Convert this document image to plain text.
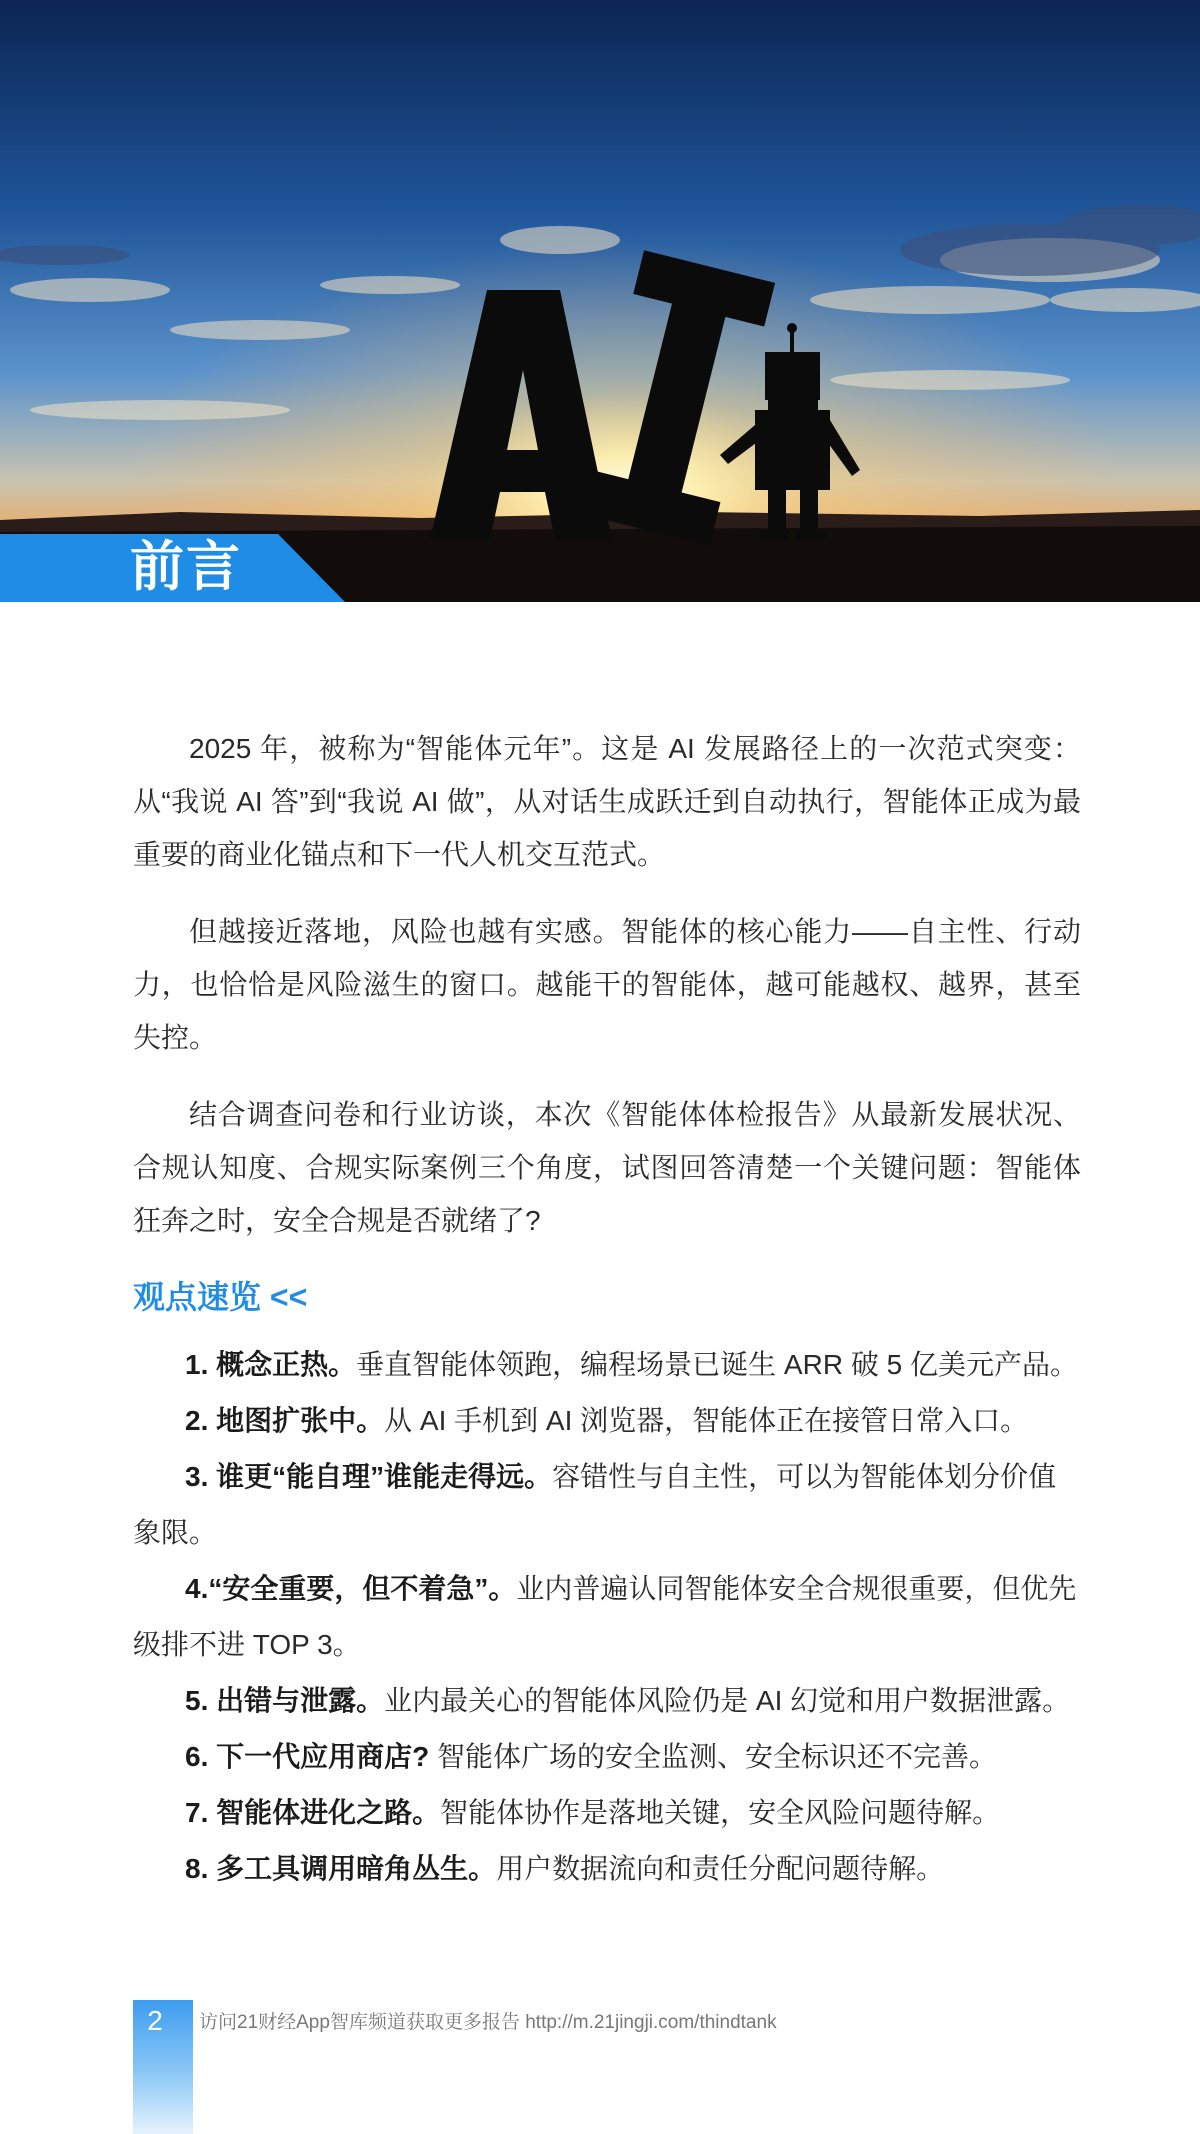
前言

2025 年，被称为“智能体元年”。这是 AI 发展路径上的一次范式突变：从“我说 AI 答”到“我说 AI 做”，从对话生成跃迁到自动执行，智能体正成为最重要的商业化锚点和下一代人机交互范式。

但越接近落地，风险也越有实感。智能体的核心能力——自主性、行动力，也恰恰是风险滋生的窗口。越能干的智能体，越可能越权、越界，甚至失控。

结合调查问卷和行业访谈，本次《智能体体检报告》从最新发展状况、合规认知度、合规实际案例三个角度，试图回答清楚一个关键问题：智能体狂奔之时，安全合规是否就绪了?

观点速览 <<

1. 概念正热。垂直智能体领跑，编程场景已诞生 ARR 破 5 亿美元产品。

2. 地图扩张中。从 AI 手机到 AI 浏览器，智能体正在接管日常入口。

3. 谁更“能自理”谁能走得远。容错性与自主性，可以为智能体划分价值象限。

4.“安全重要，但不着急”。业内普遍认同智能体安全合规很重要，但优先级排不进 TOP 3。

5. 出错与泄露。业内最关心的智能体风险仍是 AI 幻觉和用户数据泄露。

6. 下一代应用商店? 智能体广场的安全监测、安全标识还不完善。

7. 智能体进化之路。智能体协作是落地关键，安全风险问题待解。

8. 多工具调用暗角丛生。用户数据流向和责任分配问题待解。

2	访问21财经App智库频道获取更多报告 http://m.21jingji.com/thindtank
